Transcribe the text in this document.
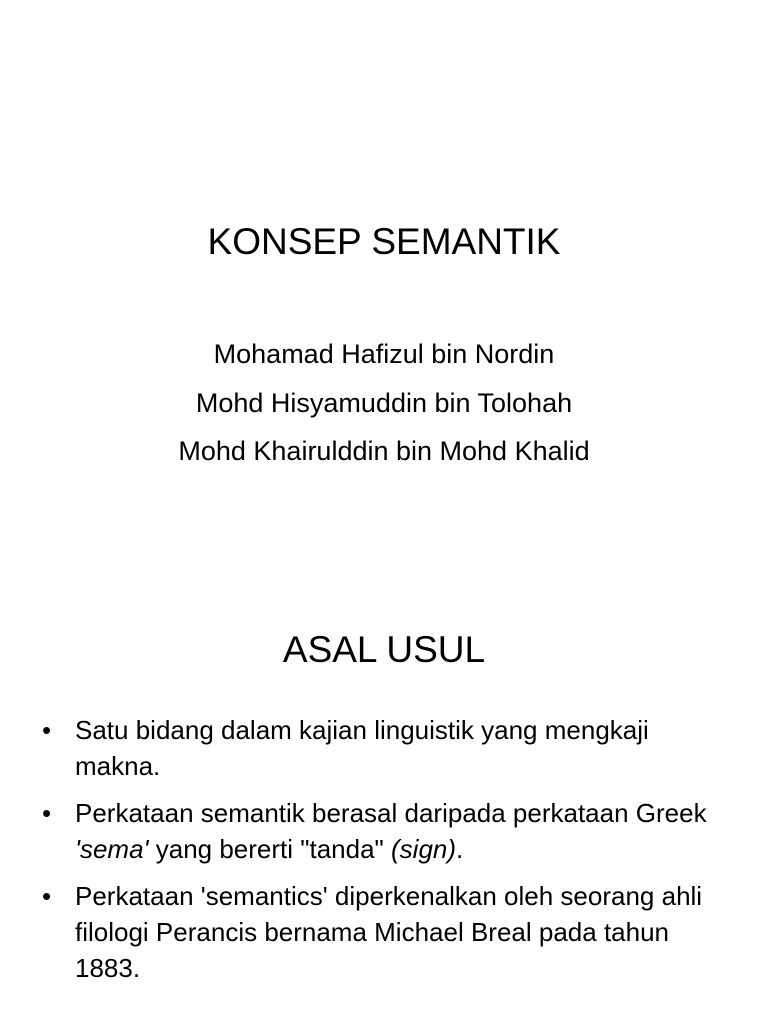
KONSEP SEMANTIK
Mohamad Hafizul bin Nordin
Mohd Hisyamuddin bin Tolohah
Mohd Khairulddin bin Mohd Khalid
ASAL USUL
• Satu bidang dalam kajian linguistik yang mengkaji makna.
• Perkataan semantik berasal daripada perkataan Greek 'sema' yang bererti "tanda" (sign).
• Perkataan 'semantics' diperkenalkan oleh seorang ahli filologi Perancis bernama Michael Breal pada tahun 1883.
